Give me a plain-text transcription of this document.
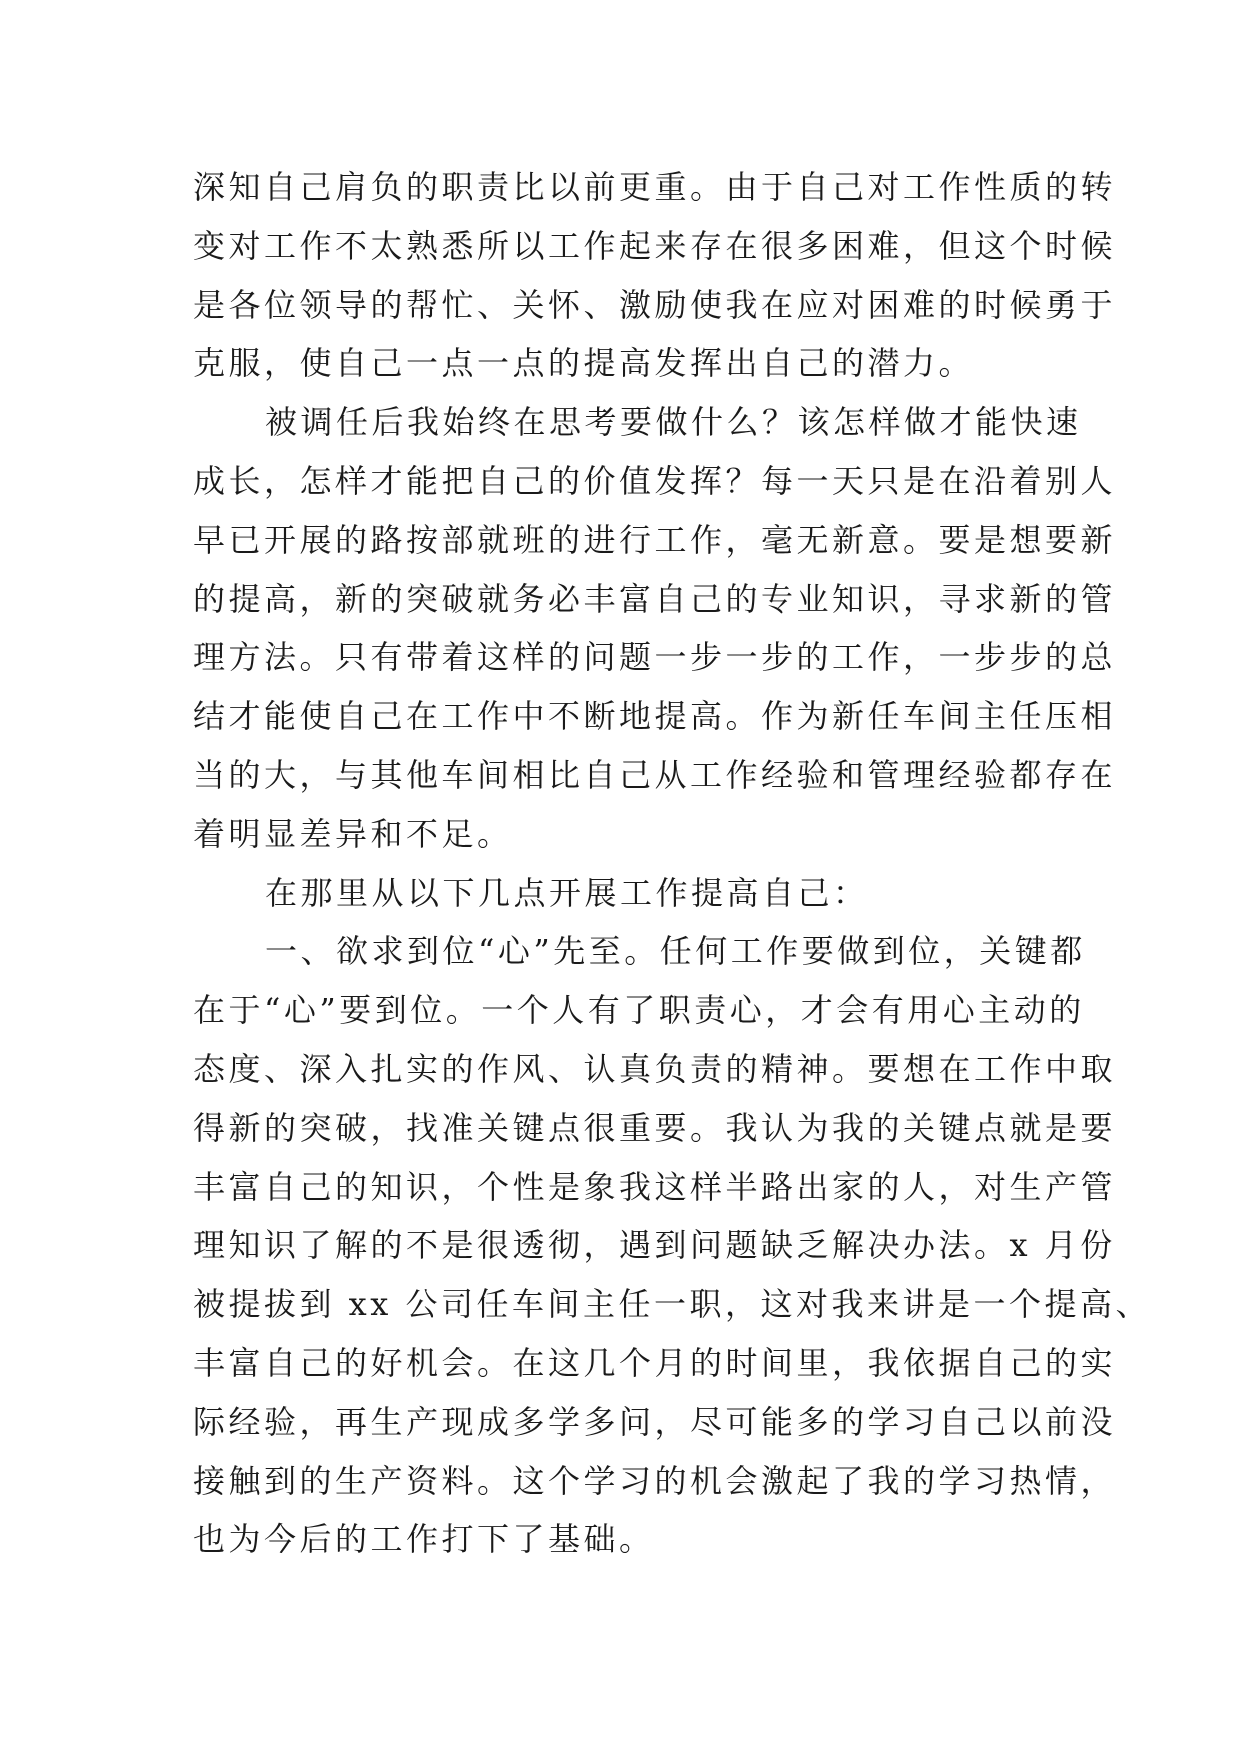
深知自己肩负的职责比以前更重。由于自己对工作性质的转
变对工作不太熟悉所以工作起来存在很多困难，但这个时候
是各位领导的帮忙、关怀、激励使我在应对困难的时候勇于
克服，使自己一点一点的提高发挥出自己的潜力。
被调任后我始终在思考要做什么？该怎样做才能快速
成长，怎样才能把自己的价值发挥？每一天只是在沿着别人
早已开展的路按部就班的进行工作，毫无新意。要是想要新
的提高，新的突破就务必丰富自己的专业知识，寻求新的管
理方法。只有带着这样的问题一步一步的工作，一步步的总
结才能使自己在工作中不断地提高。作为新任车间主任压相
当的大，与其他车间相比自己从工作经验和管理经验都存在
着明显差异和不足。
在那里从以下几点开展工作提高自己：
一、欲求到位“心”先至。任何工作要做到位，关键都
在于“心”要到位。一个人有了职责心，才会有用心主动的
态度、深入扎实的作风、认真负责的精神。要想在工作中取
得新的突破，找准关键点很重要。我认为我的关键点就是要
丰富自己的知识，个性是象我这样半路出家的人，对生产管
理知识了解的不是很透彻，遇到问题缺乏解决办法。x 月份
被提拔到 xx 公司任车间主任一职，这对我来讲是一个提高、
丰富自己的好机会。在这几个月的时间里，我依据自己的实
际经验，再生产现成多学多问，尽可能多的学习自己以前没
接触到的生产资料。这个学习的机会激起了我的学习热情，
也为今后的工作打下了基础。
